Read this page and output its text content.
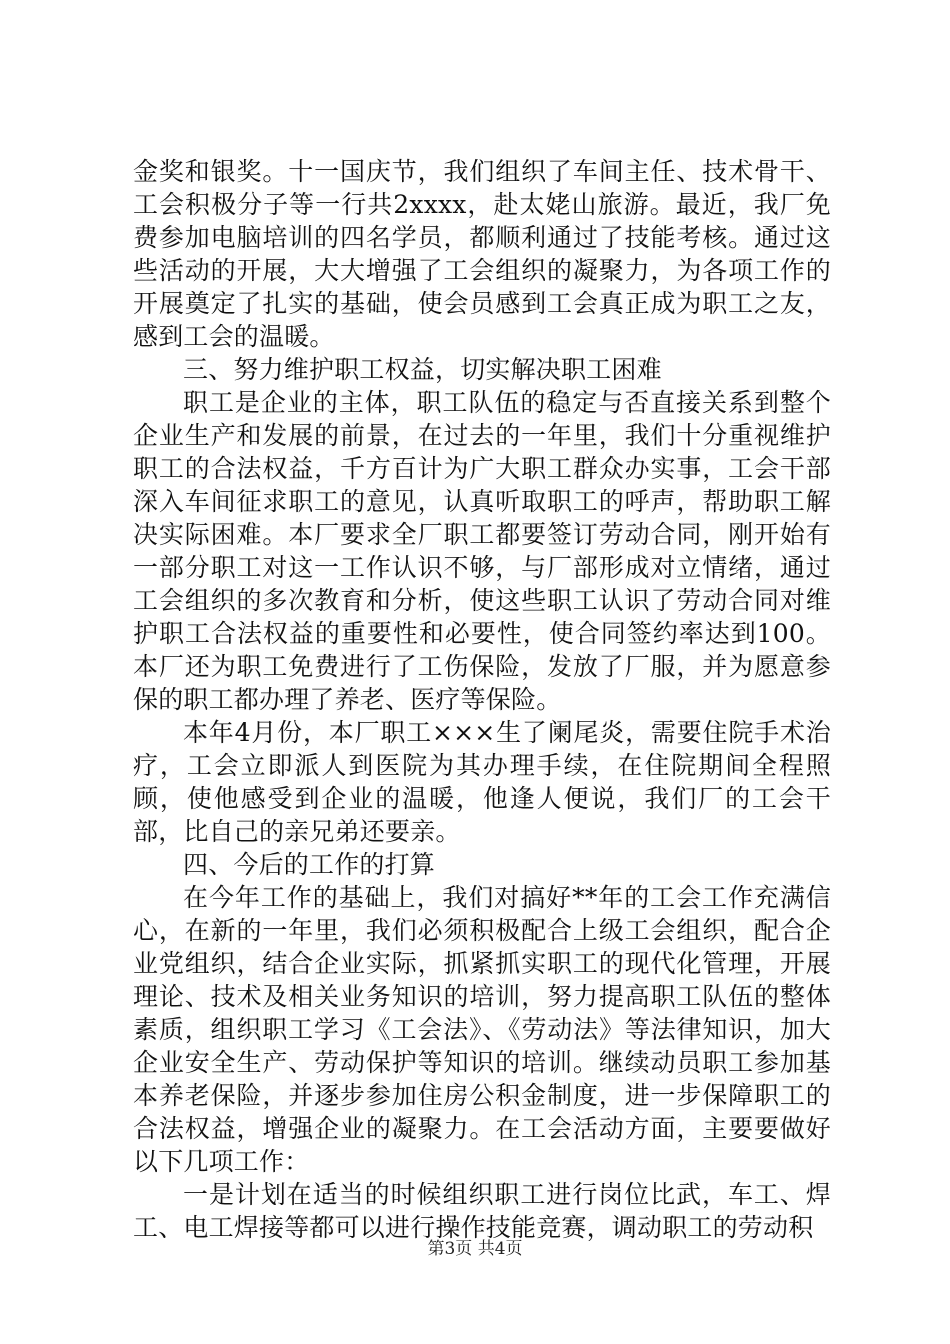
金奖和银奖。十一国庆节，我们组织了车间主任、技术骨干、工会积极分子等一行共2xxxx，赴太姥山旅游。最近，我厂免费参加电脑培训的四名学员，都顺利通过了技能考核。通过这些活动的开展，大大增强了工会组织的凝聚力，为各项工作的开展奠定了扎实的基础，使会员感到工会真正成为职工之友，感到工会的温暖。

三、努力维护职工权益，切实解决职工困难

职工是企业的主体，职工队伍的稳定与否直接关系到整个企业生产和发展的前景，在过去的一年里，我们十分重视维护职工的合法权益，千方百计为广大职工群众办实事，工会干部深入车间征求职工的意见，认真听取职工的呼声，帮助职工解决实际困难。本厂要求全厂职工都要签订劳动合同，刚开始有一部分职工对这一工作认识不够，与厂部形成对立情绪，通过工会组织的多次教育和分析，使这些职工认识了劳动合同对维护职工合法权益的重要性和必要性，使合同签约率达到100。本厂还为职工免费进行了工伤保险，发放了厂服，并为愿意参保的职工都办理了养老、医疗等保险。

本年4月份，本厂职工×××生了阑尾炎，需要住院手术治疗，工会立即派人到医院为其办理手续，在住院期间全程照顾，使他感受到企业的温暖，他逢人便说，我们厂的工会干部，比自己的亲兄弟还要亲。

四、今后的工作的打算

在今年工作的基础上，我们对搞好**年的工会工作充满信心，在新的一年里，我们必须积极配合上级工会组织，配合企业党组织，结合企业实际，抓紧抓实职工的现代化管理，开展理论、技术及相关业务知识的培训，努力提高职工队伍的整体素质，组织职工学习《工会法》、《劳动法》等法律知识，加大企业安全生产、劳动保护等知识的培训。继续动员职工参加基本养老保险，并逐步参加住房公积金制度，进一步保障职工的合法权益，增强企业的凝聚力。在工会活动方面，主要要做好以下几项工作：

一是计划在适当的时候组织职工进行岗位比武，车工、焊工、电工焊接等都可以进行操作技能竞赛，调动职工的劳动积

第3页 共4页
